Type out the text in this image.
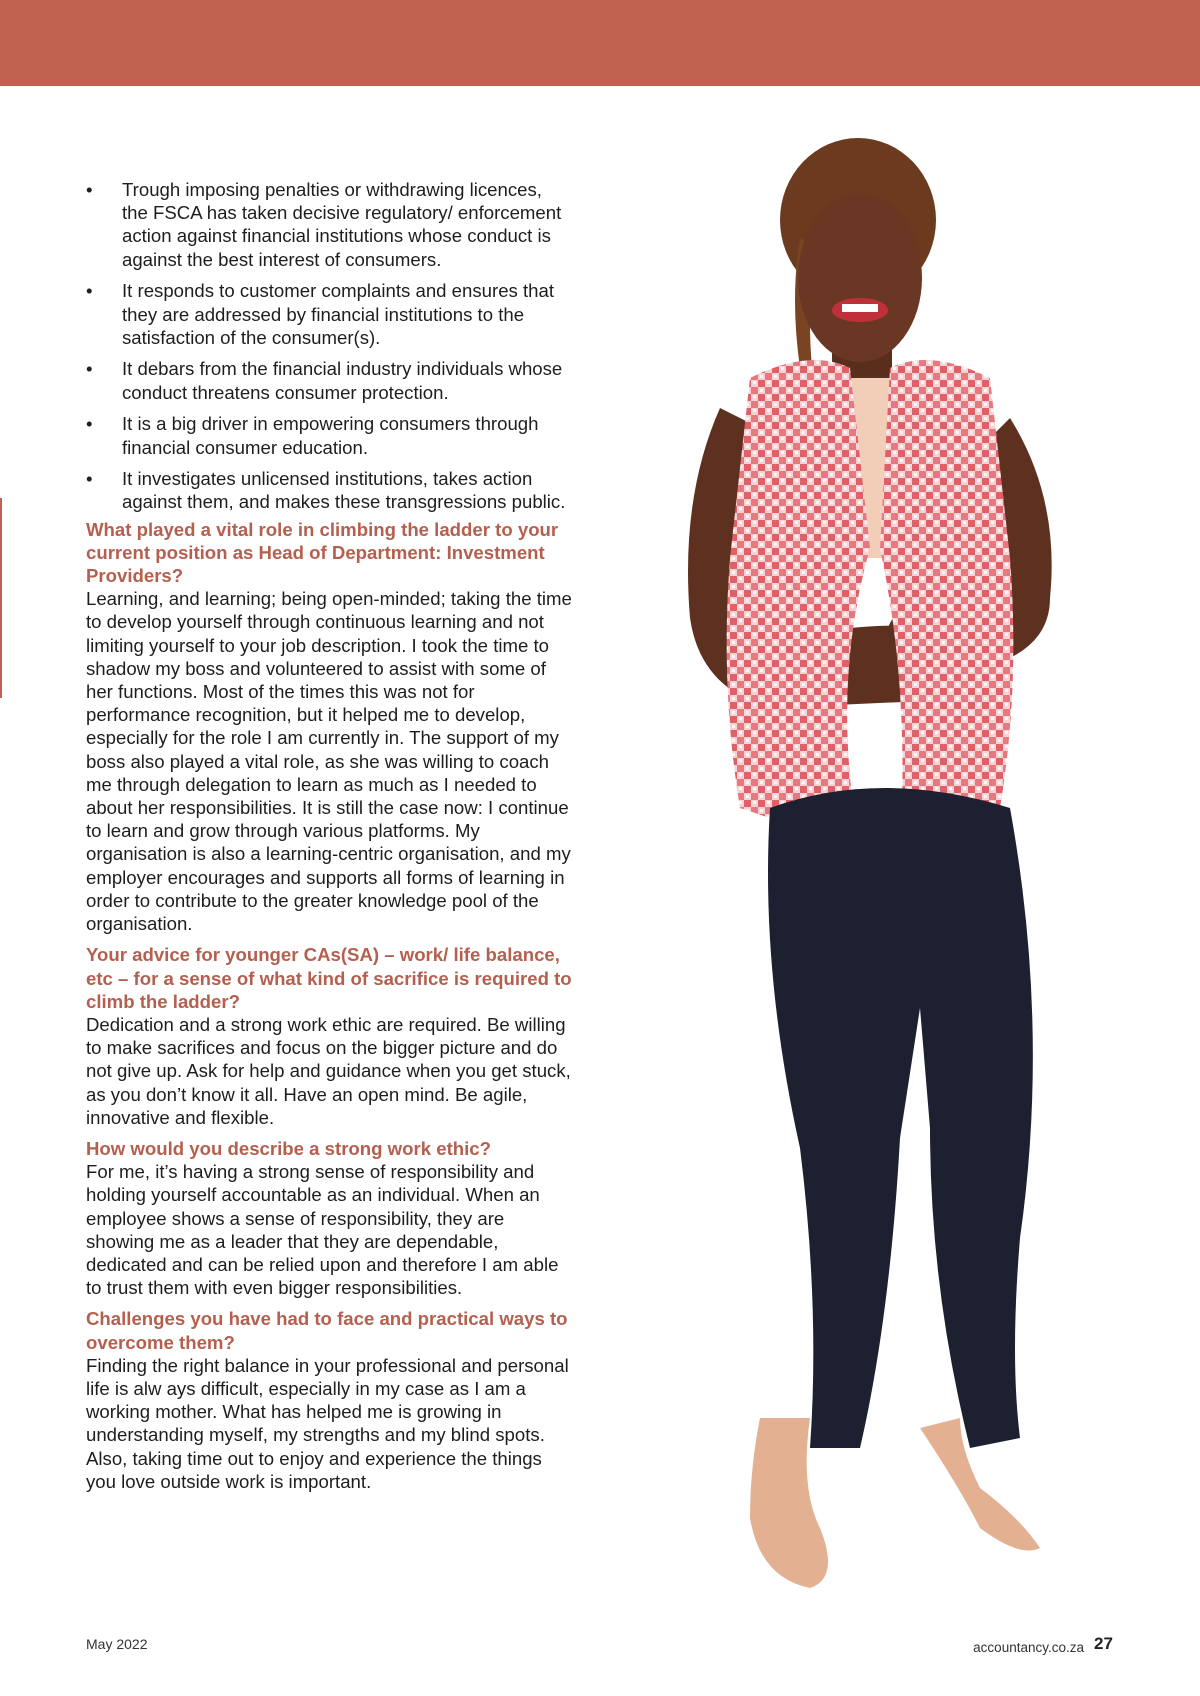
•	Trough imposing penalties or withdrawing licences, the FSCA has taken decisive regulatory/ enforcement action against financial institutions whose conduct is against the best interest of consumers.
•	It responds to customer complaints and ensures that they are addressed by financial institutions to the satisfaction of the consumer(s).
•	It debars from the financial industry individuals whose conduct threatens consumer protection.
•	It is a big driver in empowering consumers through financial consumer education.
•	It investigates unlicensed institutions, takes action against them, and makes these transgressions public.

What played a vital role in climbing the ladder to your current position as Head of Department: Investment Providers?

Learning, and learning; being open-minded; taking the time to develop yourself through continuous learning and not limiting yourself to your job description. I took the time to shadow my boss and volunteered to assist with some of her functions. Most of the times this was not for performance recognition, but it helped me to develop, especially for the role I am currently in. The support of my boss also played a vital role, as she was willing to coach me through delegation to learn as much as I needed to about her responsibilities. It is still the case now: I continue to learn and grow through various platforms. My organisation is also a learning-centric organisation, and my employer encourages and supports all forms of learning in order to contribute to the greater knowledge pool of the organisation.

Your advice for younger CAs(SA) – work/ life balance, etc – for a sense of what kind of sacrifice is required to climb the ladder?

Dedication and a strong work ethic are required. Be willing to make sacrifices and focus on the bigger picture and do not give up. Ask for help and guidance when you get stuck, as you don’t know it all. Have an open mind. Be agile, innovative and flexible.

How would you describe a strong work ethic?

For me, it’s having a strong sense of responsibility and holding yourself accountable as an individual. When an employee shows a sense of responsibility, they are showing me as a leader that they are dependable, dedicated and can be relied upon and therefore I am able to trust them with even bigger responsibilities.

Challenges you have had to face and practical ways to overcome them?

Finding the right balance in your professional and personal life is alw ays difficult, especially in my case as I am a working mother. What has helped me is growing in understanding myself, my strengths and my blind spots. Also, taking time out to enjoy and experience the things you love outside work is important.

May 2022	accountancy.co.za 27
